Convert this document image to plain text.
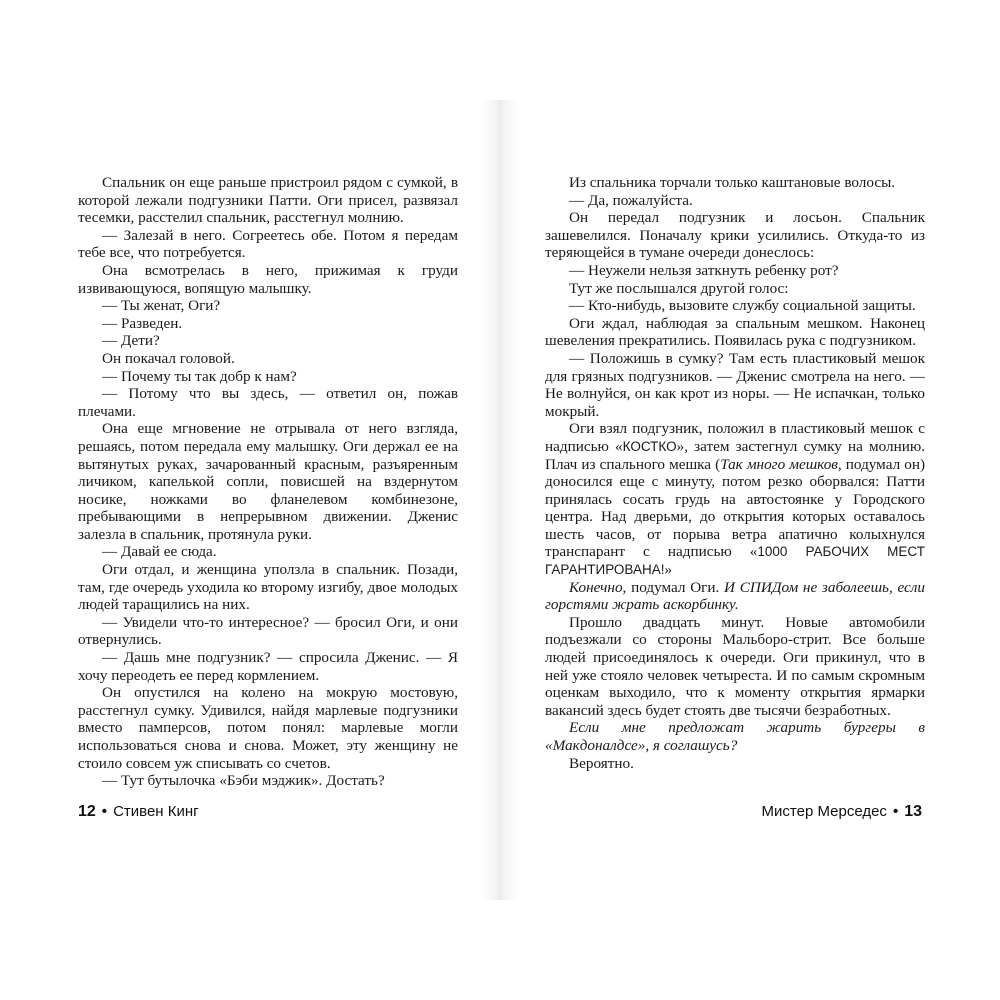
Спальник он еще раньше пристроил рядом с сумкой, в которой лежали подгузники Патти. Оги присел, развязал тесемки, расстелил спальник, расстегнул молнию.

— Залезай в него. Согреетесь обе. Потом я передам тебе все, что потребуется.

Она всмотрелась в него, прижимая к груди извивающуюся, вопящую малышку.

— Ты женат, Оги?

— Разведен.

— Дети?

Он покачал головой.

— Почему ты так добр к нам?

— Потому что вы здесь, — ответил он, пожав плечами.

Она еще мгновение не отрывала от него взгляда, решаясь, потом передала ему малышку. Оги держал ее на вытянутых руках, зачарованный красным, разъяренным личиком, капелькой сопли, повисшей на вздернутом носике, ножками во фланелевом комбинезоне, пребывающими в непрерывном движении. Дженис залезла в спальник, протянула руки.

— Давай ее сюда.

Оги отдал, и женщина уползла в спальник. Позади, там, где очередь уходила ко второму изгибу, двое молодых людей таращились на них.

— Увидели что-то интересное? — бросил Оги, и они отвернулись.

— Дашь мне подгузник? — спросила Дженис. — Я хочу переодеть ее перед кормлением.

Он опустился на колено на мокрую мостовую, расстегнул сумку. Удивился, найдя марлевые подгузники вместо памперсов, потом понял: марлевые могли использоваться снова и снова. Может, эту женщину не стоило совсем уж списывать со счетов.

— Тут бутылочка «Бэби мэджик». Достать?

12 • Стивен Кинг

Из спальника торчали только каштановые волосы.

— Да, пожалуйста.

Он передал подгузник и лосьон. Спальник зашевелился. Поначалу крики усилились. Откуда-то из теряющейся в тумане очереди донеслось:

— Неужели нельзя заткнуть ребенку рот?

Тут же послышался другой голос:

— Кто-нибудь, вызовите службу социальной защиты.

Оги ждал, наблюдая за спальным мешком. Наконец шевеления прекратились. Появилась рука с подгузником.

— Положишь в сумку? Там есть пластиковый мешок для грязных подгузников. — Дженис смотрела на него. — Не волнуйся, он как крот из норы. — Не испачкан, только мокрый.

Оги взял подгузник, положил в пластиковый мешок с надписью «КОСТКО», затем застегнул сумку на молнию. Плач из спального мешка (Так много мешков, подумал он) доносился еще с минуту, потом резко оборвался: Патти принялась сосать грудь на автостоянке у Городского центра. Над дверьми, до открытия которых оставалось шесть часов, от порыва ветра апатично колыхнулся транспарант с надписью «1000 РАБОЧИХ МЕСТ ГАРАНТИРОВАНА!»

Конечно, подумал Оги. И СПИДом не заболеешь, если горстями жрать аскорбинку.

Прошло двадцать минут. Новые автомобили подъезжали со стороны Мальборо-стрит. Все больше людей присоединялось к очереди. Оги прикинул, что в ней уже стояло человек четыреста. И по самым скромным оценкам выходило, что к моменту открытия ярмарки вакансий здесь будет стоять две тысячи безработных.

Если мне предложат жарить бургеры в «Макдоналдсе», я соглашусь?

Вероятно.

Мистер Мерседес • 13
